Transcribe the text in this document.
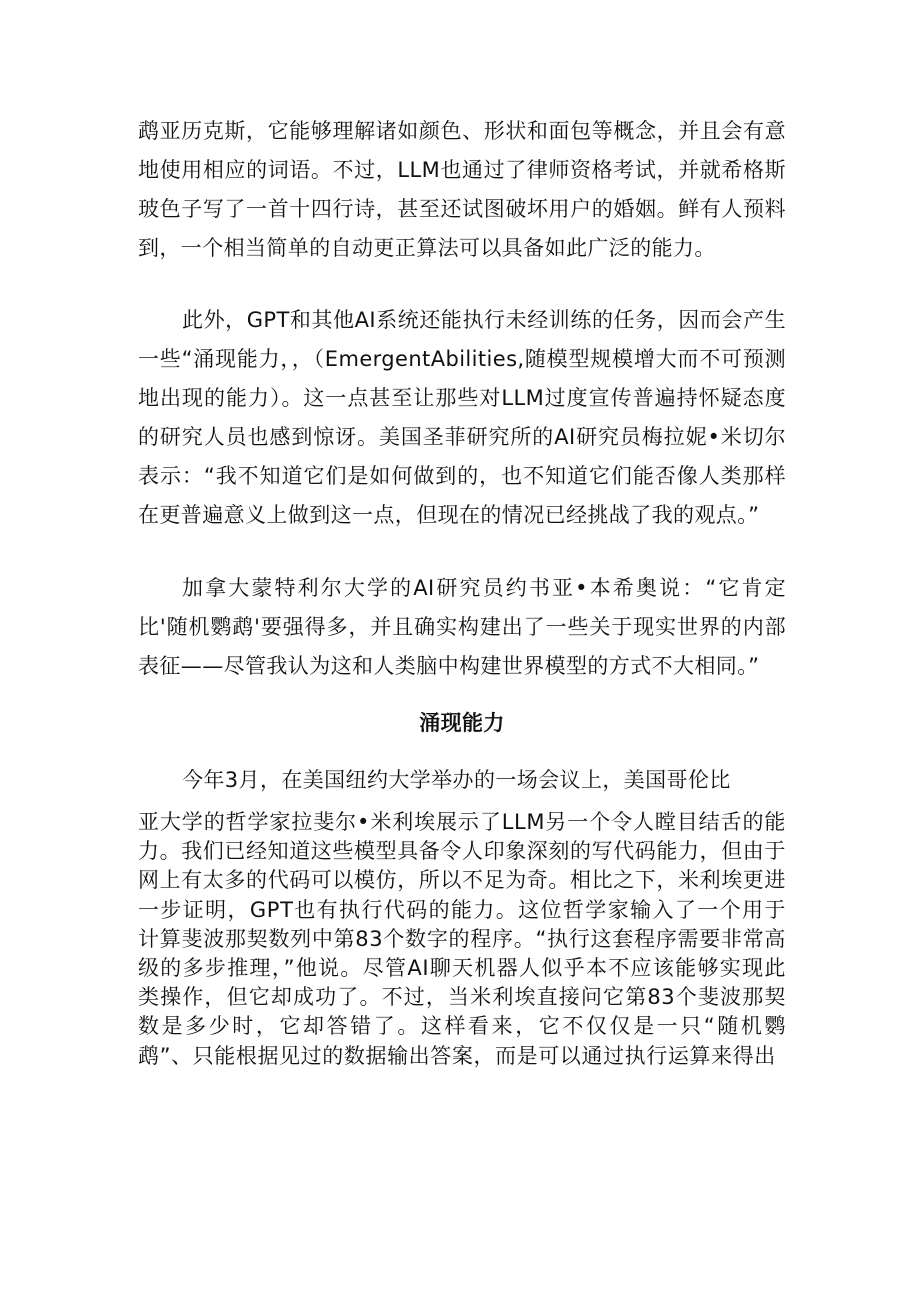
鹉亚历克斯，它能够理解诸如颜色、形状和面包等概念，并且会有意地使用相应的词语。不过，LLM也通过了律师资格考试，并就希格斯玻色子写了一首十四行诗，甚至还试图破坏用户的婚姻。鲜有人预料到，一个相当简单的自动更正算法可以具备如此广泛的能力。

此外，GPT和其他AI系统还能执行未经训练的任务，因而会产生一些“涌现能力，，（EmergentAbilities,随模型规模增大而不可预测地出现的能力）。这一点甚至让那些对LLM过度宣传普遍持怀疑态度的研究人员也感到惊讶。美国圣菲研究所的AI研究员梅拉妮•米切尔表示：“我不知道它们是如何做到的，也不知道它们能否像人类那样在更普遍意义上做到这一点，但现在的情况已经挑战了我的观点。”

加拿大蒙特利尔大学的AI研究员约书亚•本希奥说：“它肯定比'随机鹦鹉'要强得多，并且确实构建出了一些关于现实世界的内部表征——尽管我认为这和人类脑中构建世界模型的方式不大相同。”

涌现能力

今年3月，在美国纽约大学举办的一场会议上，美国哥伦比

亚大学的哲学家拉斐尔•米利埃展示了LLM另一个令人瞠目结舌的能力。我们已经知道这些模型具备令人印象深刻的写代码能力，但由于网上有太多的代码可以模仿，所以不足为奇。相比之下，米利埃更进一步证明，GPT也有执行代码的能力。这位哲学家输入了一个用于计算斐波那契数列中第83个数字的程序。“执行这套程序需要非常高级的多步推理，”他说。尽管AI聊天机器人似乎本不应该能够实现此类操作，但它却成功了。不过，当米利埃直接问它第83个斐波那契数是多少时，它却答错了。这样看来，它不仅仅是一只“随机鹦鹉”、只能根据见过的数据输出答案，而是可以通过执行运算来得出
